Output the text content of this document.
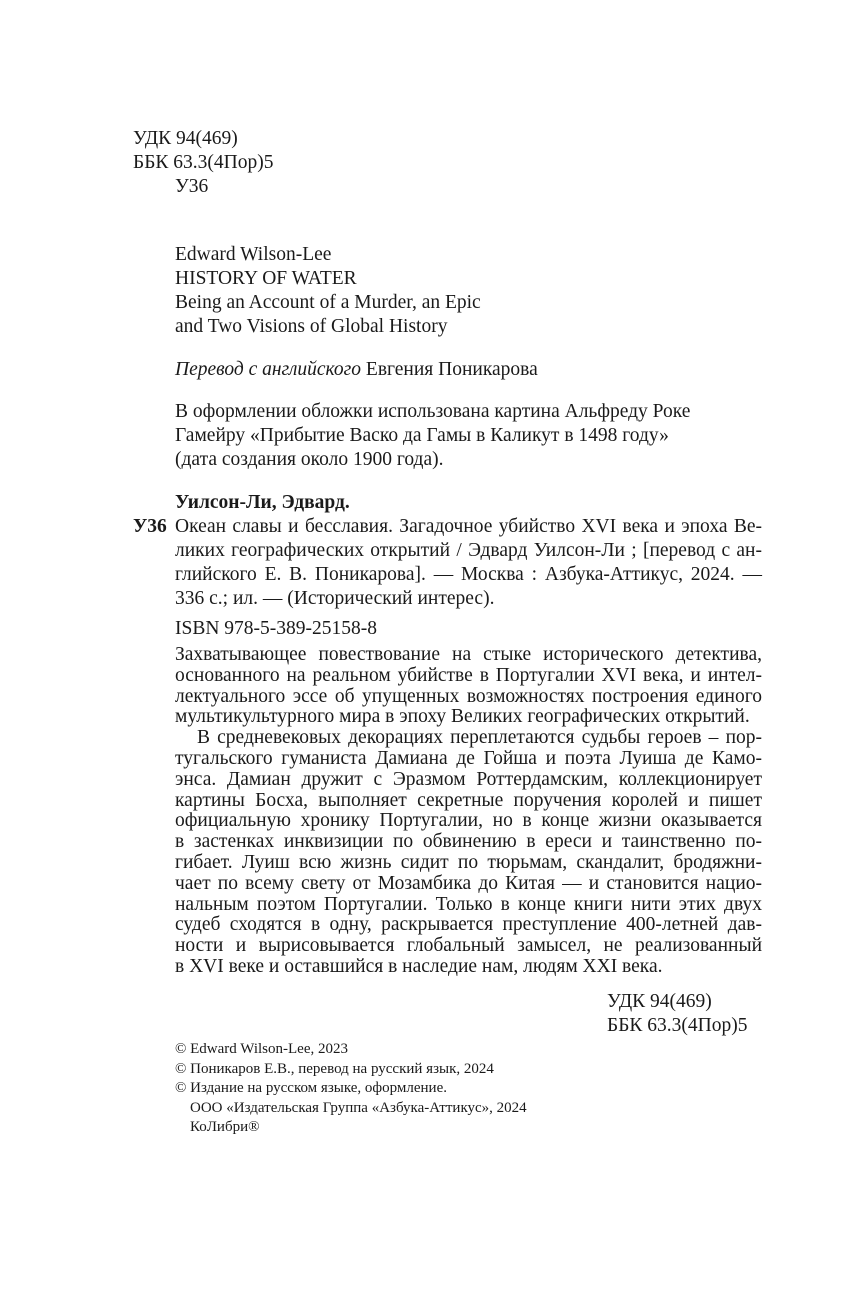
УДК 94(469)
ББК 63.3(4Пор)5
У36
Edward Wilson-Lee
HISTORY OF WATER
Being an Account of a Murder, an Epic
and Two Visions of Global History
Перевод с английского Евгения Поникарова
В оформлении обложки использована картина Альфреду Роке
Гамейру «Прибытие Васко да Гамы в Каликут в 1498 году»
(дата создания около 1900 года).
Уилсон-Ли, Эдвард.
У36 Океан славы и бесславия. Загадочное убийство XVI века и эпоха Ве-
ликих географических открытий / Эдвард Уилсон-Ли ; [перевод с ан-
глийского Е. В. Поникарова]. — Москва : Азбука-Аттикус, 2024. —
336 с.; ил. — (Исторический интерес).
ISBN 978-5-389-25158-8
Захватывающее повествование на стыке исторического детектива,
основанного на реальном убийстве в Португалии XVI века, и интел-
лектуального эссе об упущенных возможностях построения единого
мультикультурного мира в эпоху Великих географических открытий.
В средневековых декорациях переплетаются судьбы героев – пор-
тугальского гуманиста Дамиана де Гойша и поэта Луиша де Камо-
энса. Дамиан дружит с Эразмом Роттердамским, коллекционирует
картины Босха, выполняет секретные поручения королей и пишет
официальную хронику Португалии, но в конце жизни оказывается
в застенках инквизиции по обвинению в ереси и таинственно по-
гибает. Луиш всю жизнь сидит по тюрьмам, скандалит, бродяжни-
чает по всему свету от Мозамбика до Китая — и становится нацио-
нальным поэтом Португалии. Только в конце книги нити этих двух
судеб сходятся в одну, раскрывается преступление 400-летней дав-
ности и вырисовывается глобальный замысел, не реализованный
в XVI веке и оставшийся в наследие нам, людям XXI века.
УДК 94(469)
ББК 63.3(4Пор)5
© Edward Wilson-Lee, 2023
© Поникаров Е.В., перевод на русский язык, 2024
© Издание на русском языке, оформление.
ООО «Издательская Группа «Азбука-Аттикус», 2024
КоЛибри®
